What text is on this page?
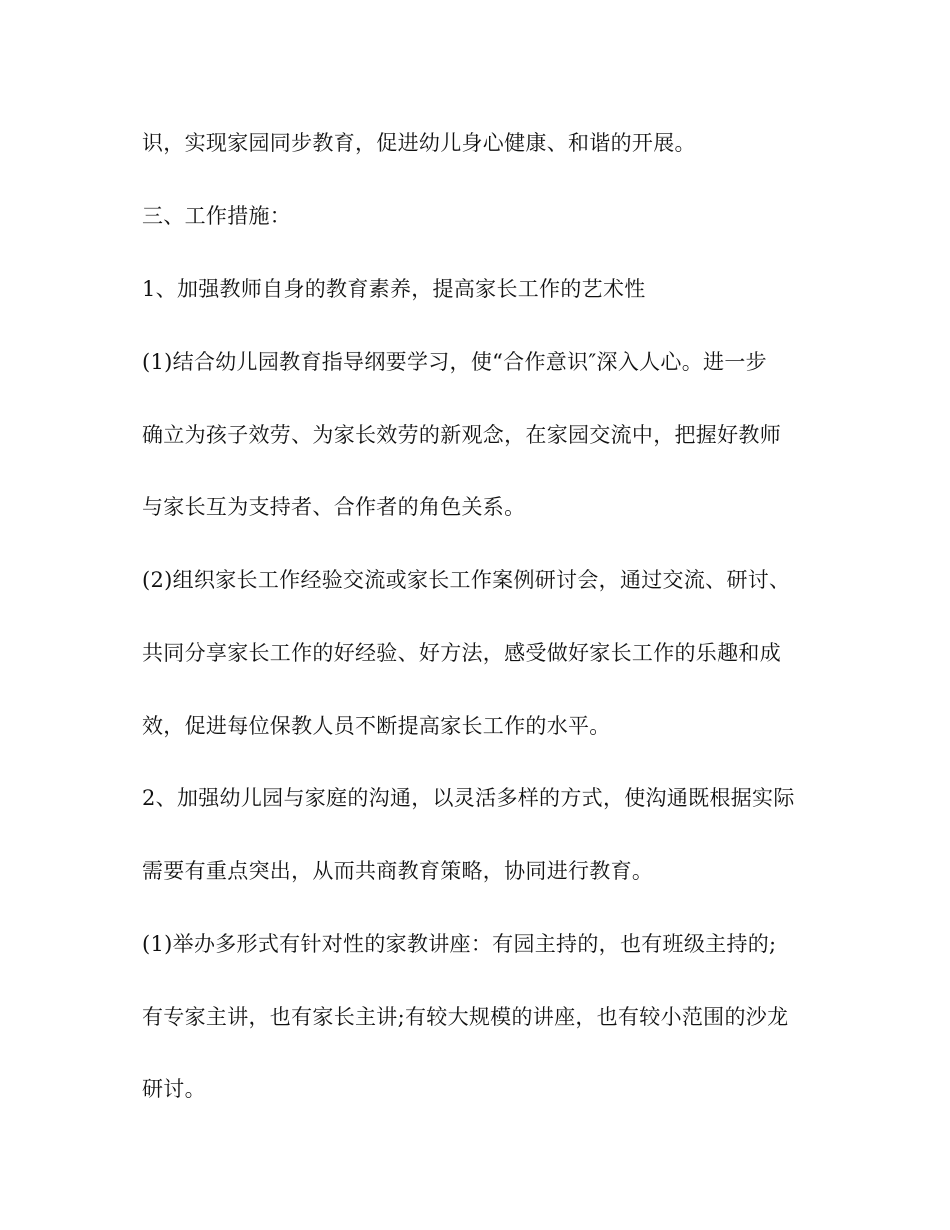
识，实现家园同步教育，促进幼儿身心健康、和谐的开展。
三、工作措施：
1、加强教师自身的教育素养，提高家长工作的艺术性
(1)结合幼儿园教育指导纲要学习，使“合作意识″深入人心。进一步
确立为孩子效劳、为家长效劳的新观念，在家园交流中，把握好教师
与家长互为支持者、合作者的角色关系。
(2)组织家长工作经验交流或家长工作案例研讨会，通过交流、研讨、
共同分享家长工作的好经验、好方法，感受做好家长工作的乐趣和成
效，促进每位保教人员不断提高家长工作的水平。
2、加强幼儿园与家庭的沟通，以灵活多样的方式，使沟通既根据实际
需要有重点突出，从而共商教育策略，协同进行教育。
(1)举办多形式有针对性的家教讲座：有园主持的，也有班级主持的;
有专家主讲，也有家长主讲;有较大规模的讲座，也有较小范围的沙龙
研讨。
